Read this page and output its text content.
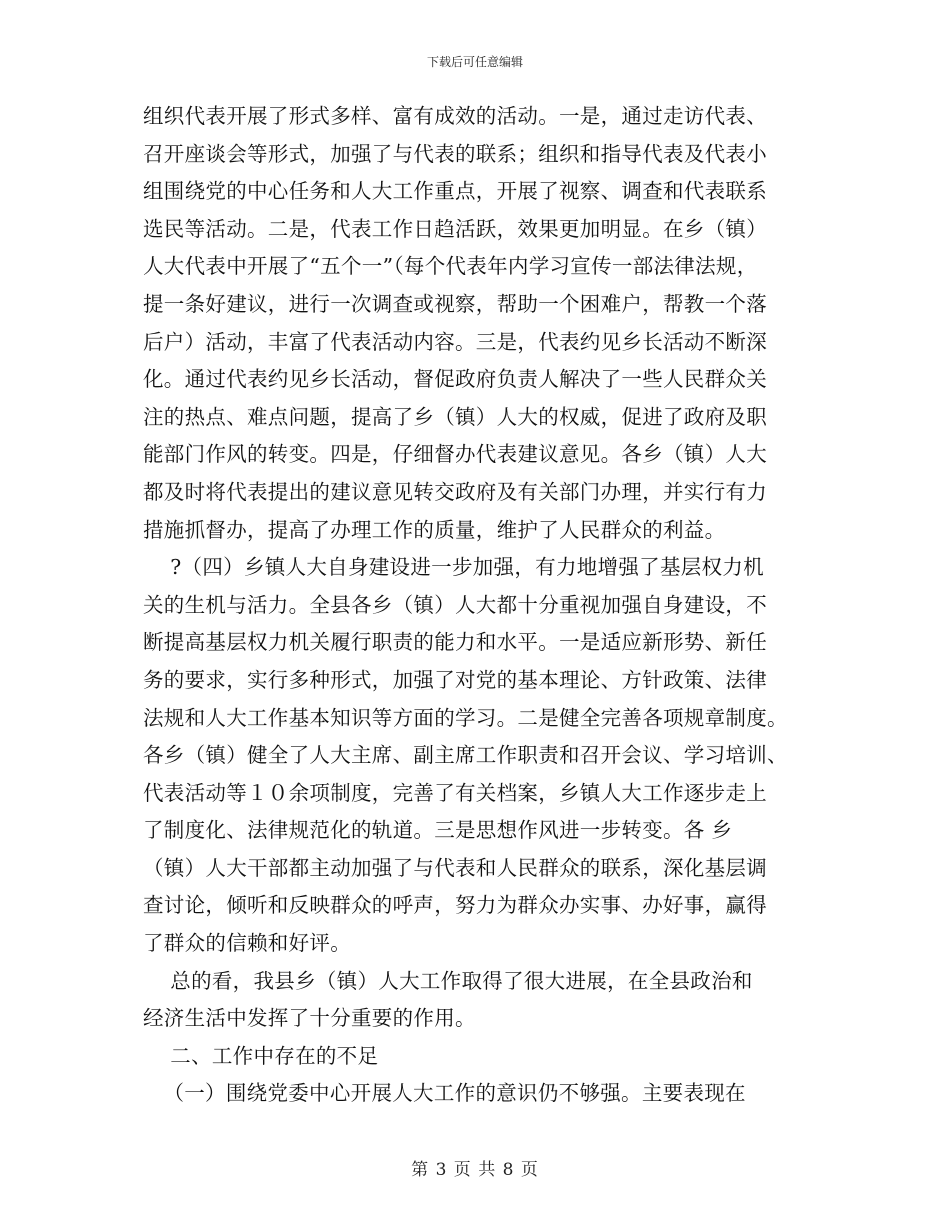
下载后可任意编辑
组织代表开展了形式多样、富有成效的活动。一是，通过走访代表、
召开座谈会等形式，加强了与代表的联系；组织和指导代表及代表小
组围绕党的中心任务和人大工作重点，开展了视察、调查和代表联系
选民等活动。二是，代表工作日趋活跃，效果更加明显。在乡（镇）
人大代表中开展了“五个一”（每个代表年内学习宣传一部法律法规，
提一条好建议，进行一次调查或视察，帮助一个困难户，帮教一个落
后户）活动，丰富了代表活动内容。三是，代表约见乡长活动不断深
化。通过代表约见乡长活动，督促政府负责人解决了一些人民群众关
注的热点、难点问题，提高了乡（镇）人大的权威，促进了政府及职
能部门作风的转变。四是，仔细督办代表建议意见。各乡（镇）人大
都及时将代表提出的建议意见转交政府及有关部门办理，并实行有力
措施抓督办，提高了办理工作的质量，维护了人民群众的利益。
?（四）乡镇人大自身建设进一步加强，有力地增强了基层权力机
关的生机与活力。全县各乡（镇）人大都十分重视加强自身建设，不
断提高基层权力机关履行职责的能力和水平。一是适应新形势、新任
务的要求，实行多种形式，加强了对党的基本理论、方针政策、法律
法规和人大工作基本知识等方面的学习。二是健全完善各项规章制度。
各乡（镇）健全了人大主席、副主席工作职责和召开会议、学习培训、
代表活动等１０余项制度，完善了有关档案，乡镇人大工作逐步走上
了制度化、法律规范化的轨道。三是思想作风进一步转变。各 乡
（镇）人大干部都主动加强了与代表和人民群众的联系，深化基层调
查讨论，倾听和反映群众的呼声，努力为群众办实事、办好事，赢得
了群众的信赖和好评。
总的看，我县乡（镇）人大工作取得了很大进展，在全县政治和
经济生活中发挥了十分重要的作用。
二、工作中存在的不足
（一）围绕党委中心开展人大工作的意识仍不够强。主要表现在
第 3 页 共 8 页
